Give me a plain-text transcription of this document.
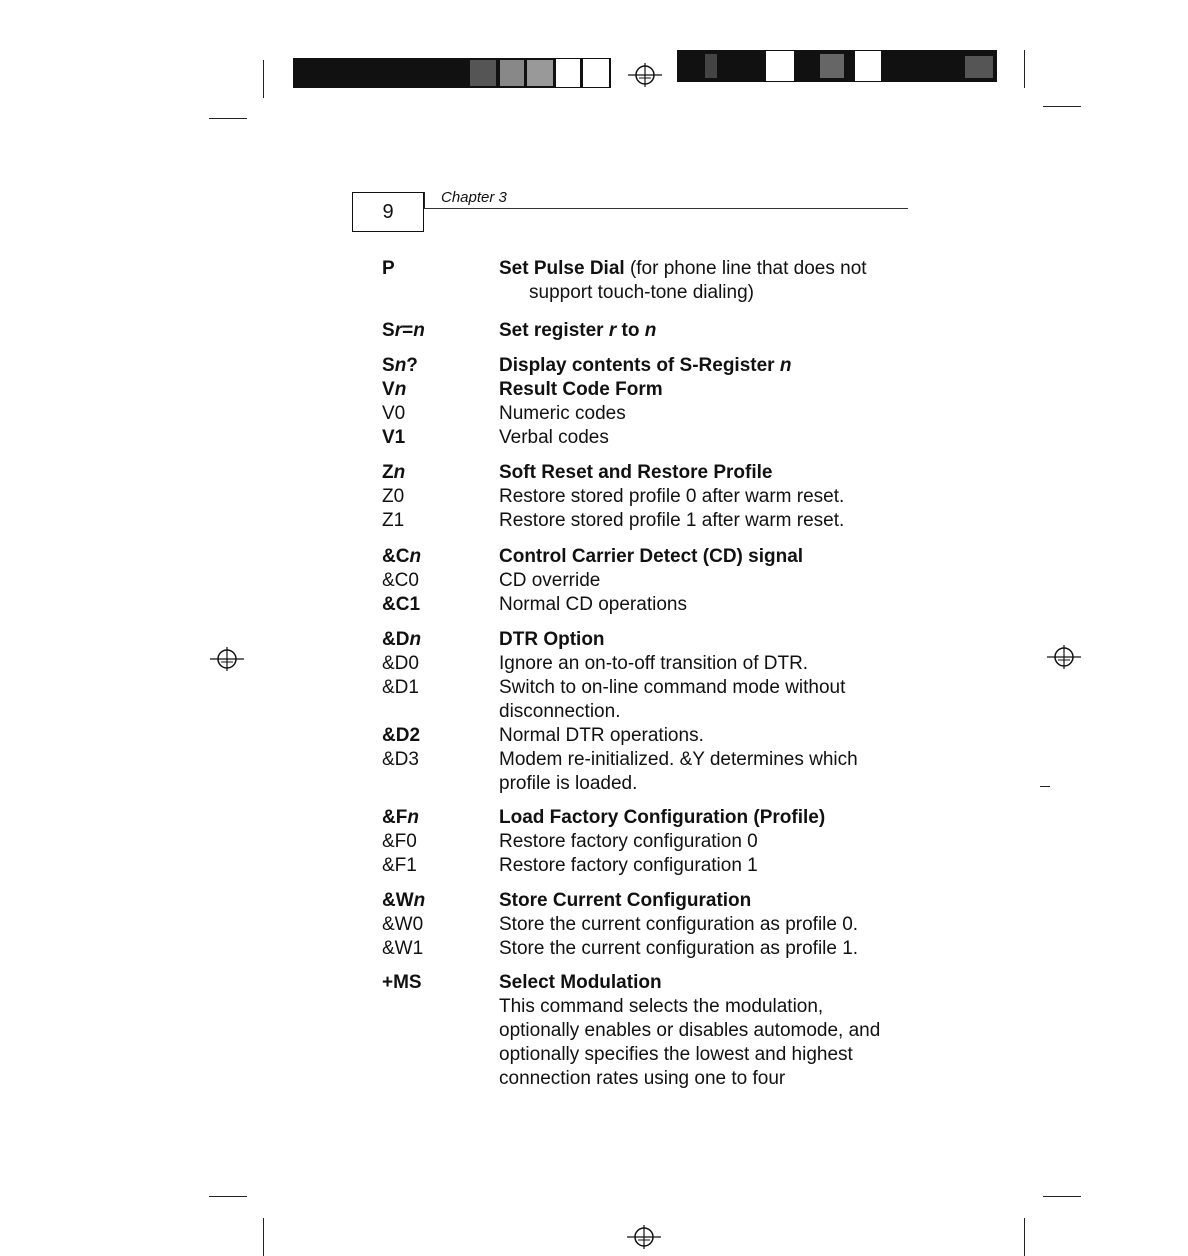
9
Chapter 3
P	Set Pulse Dial (for phone line that does not
support touch-tone dialing)
Sr=n	Set register r to n
Sn?	Display contents of S-Register n
Vn	Result Code Form
V0	Numeric codes
V1	Verbal codes
Zn	Soft Reset and Restore Profile
Z0	Restore stored profile 0 after warm reset.
Z1	Restore stored profile 1 after warm reset.
&Cn	Control Carrier Detect (CD) signal
&C0	CD override
&C1	Normal CD operations
&Dn	DTR Option
&D0	Ignore an on-to-off transition of DTR.
&D1	Switch to on-line command mode without disconnection.
&D2	Normal DTR operations.
&D3	Modem re-initialized. &Y determines which profile is loaded.
&Fn	Load Factory Configuration (Profile)
&F0	Restore factory configuration 0
&F1	Restore factory configuration 1
&Wn	Store Current Configuration
&W0	Store the current configuration as profile 0.
&W1	Store the current configuration as profile 1.
+MS	Select Modulation
This command selects the modulation, optionally enables or disables automode, and optionally specifies the lowest and highest connection rates using one to four
